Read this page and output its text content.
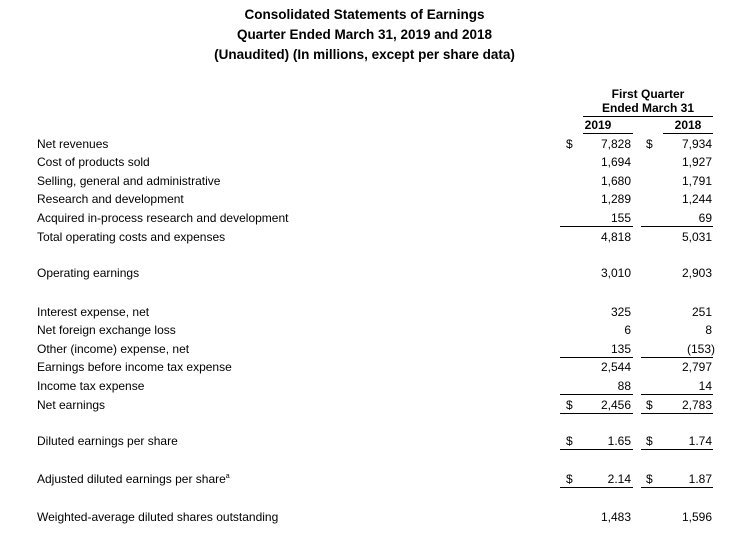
Consolidated Statements of Earnings
Quarter Ended March 31, 2019 and 2018
(Unaudited) (In millions, except per share data)
First Quarter
Ended March 31
2019	2018
Net revenues	$	7,828 $	7,934
Cost of products sold	1,694	1,927
Selling, general and administrative	1,680	1,791
Research and development	1,289	1,244
Acquired in-process research and development	155	69
Total operating costs and expenses	4,818	5,031
Operating earnings	3,010	2,903
Interest expense, net	325	251
Net foreign exchange loss	6	8
Other (income) expense, net	135	(153)
Earnings before income tax expense	2,544	2,797
Income tax expense	88	14
Net earnings	$	2,456 $	2,783
Diluted earnings per share	$	1.65 $	1.74
Adjusted diluted earnings per share$^a$	$	2.14 $	1.87
Weighted-average diluted shares outstanding	1,483	1,596
